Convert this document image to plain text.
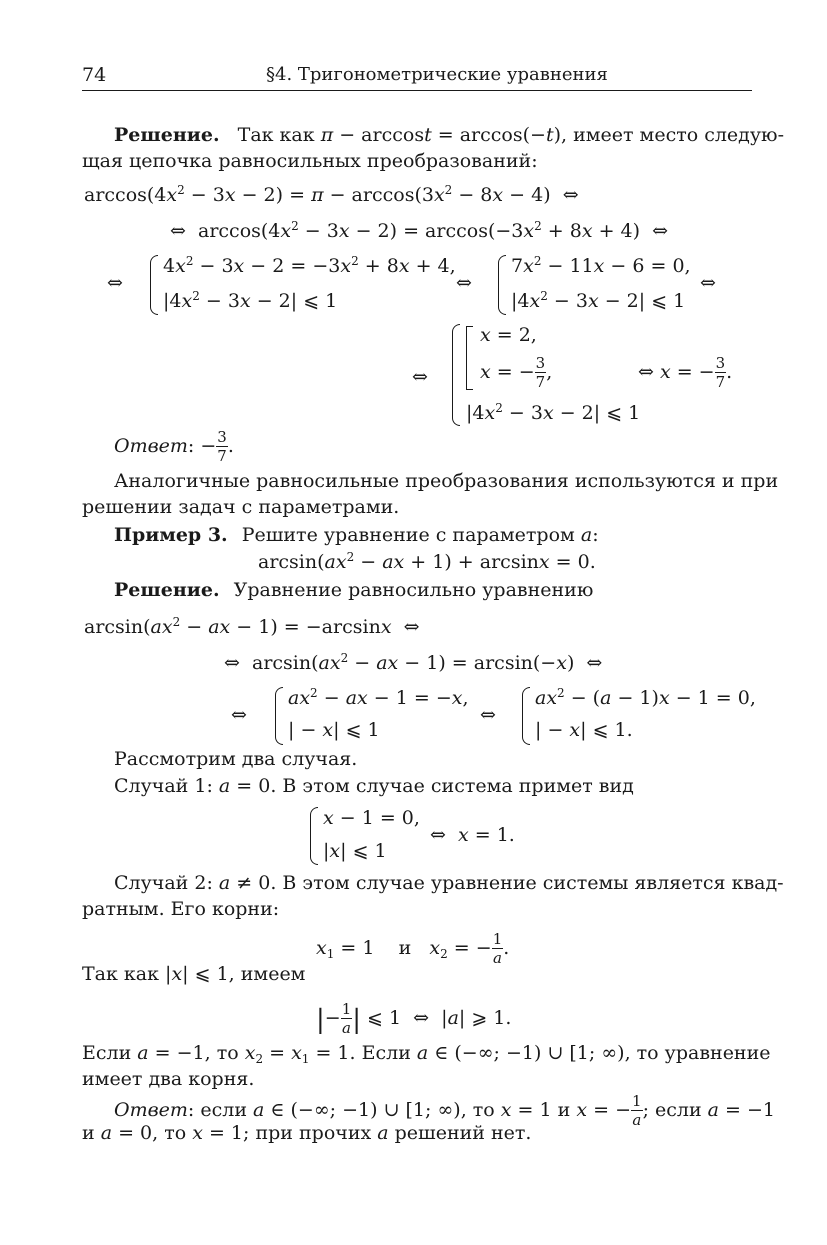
74	§4. Тригонометрические уравнения
Решение. Так как π − arccost = arccos(−t), имеет место следую-
щая цепочка равносильных преобразований:
$\arccos(4x^2 - 3x - 2) = \pi - \arccos(3x^2 - 8x - 4)$  ⇔
⇔  $\arccos(4x^2 - 3x - 2) = \arccos(-3x^2 + 8x + 4)$  ⇔
⇔
$4x^2 - 3x - 2 = -3x^2 + 8x + 4$,
$|4x^2 - 3x - 2|$ ⩽ 1
⇔
$7x^2 - 11x - 6 = 0$,
$|4x^2 - 3x - 2|$ ⩽ 1
⇔
⇔
x = 2,
x = − $\frac{3}{7}$ ,
$|4x^2 - 3x - 2|$ ⩽ 1
⇔ x = − $\frac{3}{7}$ .
Ответ: − $\frac{3}{7}$ .
Аналогичные равносильные преобразования используются и при
решении задач с параметрами.
Пример 3. Решите уравнение с параметром a:
$\arcsin(ax^2$ − ax + 1) + arcsinx = 0.
Решение. Уравнение равносильно уравнению
$\arcsin(ax^2$ − ax − 1) = −arcsinx  ⇔
⇔  $\arcsin(ax^2$ − ax − 1) = arcsin(−x)  ⇔
⇔
$ax^2$ − ax − 1 = −x,
| − x| ⩽ 1
⇔
$ax^2 - (a - 1)x - 1 = 0$,
| − x| ⩽ 1.
Рассмотрим два случая.
Случай 1: a = 0. В этом случае система примет вид
x − 1 = 0,
|x| ⩽ 1
⇔  x = 1.
Случай 2: a ≠ 0. В этом случае уравнение системы является квад-
ратным. Его корни:
$x_1 = 1$    и $x_2$ = − $\frac{1}{a}$ .
Так как |x| ⩽ 1, имеем
|− $\frac{1}{a}$ | ⩽ 1  ⇔  |a| ⩾ 1.
Если a = −1, то $x_2 = x_1 = 1$. Если a ∈ (−∞; −1) ∪ [1; ∞), то уравнение
имеет два корня.
Ответ: если a ∈ (−∞; −1) ∪ [1; ∞), то x = 1 и x = − $\frac{1}{a}$ ; если a = −1
и a = 0, то x = 1; при прочих a решений нет.
